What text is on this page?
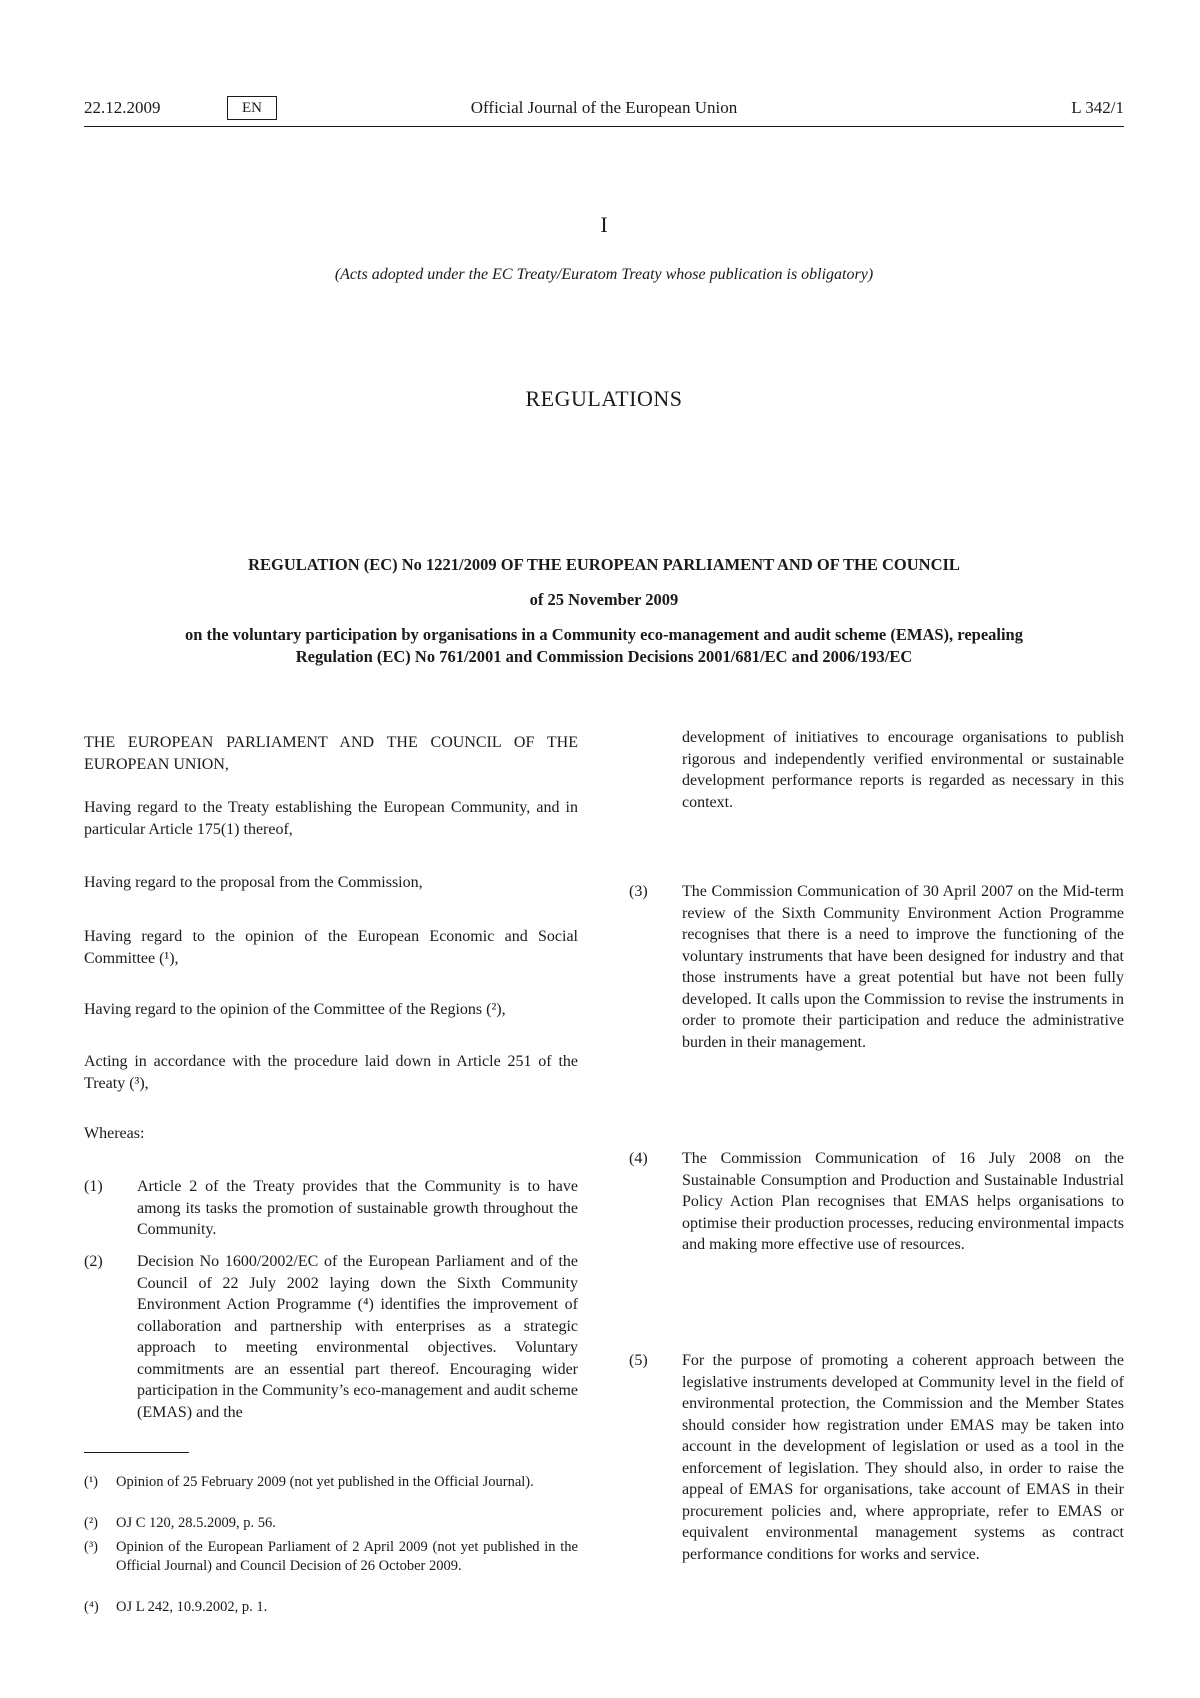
22.12.2009	EN	Official Journal of the European Union	L 342/1
I
(Acts adopted under the EC Treaty/Euratom Treaty whose publication is obligatory)
REGULATIONS
REGULATION (EC) No 1221/2009 OF THE EUROPEAN PARLIAMENT AND OF THE COUNCIL
of 25 November 2009
on the voluntary participation by organisations in a Community eco-management and audit scheme (EMAS), repealing Regulation (EC) No 761/2001 and Commission Decisions 2001/681/EC and 2006/193/EC
THE EUROPEAN PARLIAMENT AND THE COUNCIL OF THE EUROPEAN UNION,
Having regard to the Treaty establishing the European Community, and in particular Article 175(1) thereof,
Having regard to the proposal from the Commission,
Having regard to the opinion of the European Economic and Social Committee (¹),
Having regard to the opinion of the Committee of the Regions (²),
Acting in accordance with the procedure laid down in Article 251 of the Treaty (³),
Whereas:
(1) Article 2 of the Treaty provides that the Community is to have among its tasks the promotion of sustainable growth throughout the Community.
(2) Decision No 1600/2002/EC of the European Parliament and of the Council of 22 July 2002 laying down the Sixth Community Environment Action Programme (⁴) identifies the improvement of collaboration and partnership with enterprises as a strategic approach to meeting environmental objectives. Voluntary commitments are an essential part thereof. Encouraging wider participation in the Community’s eco-management and audit scheme (EMAS) and the
(¹) Opinion of 25 February 2009 (not yet published in the Official Journal).
(²) OJ C 120, 28.5.2009, p. 56.
(³) Opinion of the European Parliament of 2 April 2009 (not yet published in the Official Journal) and Council Decision of 26 October 2009.
(⁴) OJ L 242, 10.9.2002, p. 1.
development of initiatives to encourage organisations to publish rigorous and independently verified environmental or sustainable development performance reports is regarded as necessary in this context.
(3) The Commission Communication of 30 April 2007 on the Mid-term review of the Sixth Community Environment Action Programme recognises that there is a need to improve the functioning of the voluntary instruments that have been designed for industry and that those instruments have a great potential but have not been fully developed. It calls upon the Commission to revise the instruments in order to promote their participation and reduce the administrative burden in their management.
(4) The Commission Communication of 16 July 2008 on the Sustainable Consumption and Production and Sustainable Industrial Policy Action Plan recognises that EMAS helps organisations to optimise their production processes, reducing environmental impacts and making more effective use of resources.
(5) For the purpose of promoting a coherent approach between the legislative instruments developed at Community level in the field of environmental protection, the Commission and the Member States should consider how registration under EMAS may be taken into account in the development of legislation or used as a tool in the enforcement of legislation. They should also, in order to raise the appeal of EMAS for organisations, take account of EMAS in their procurement policies and, where appropriate, refer to EMAS or equivalent environmental management systems as contract performance conditions for works and service.
